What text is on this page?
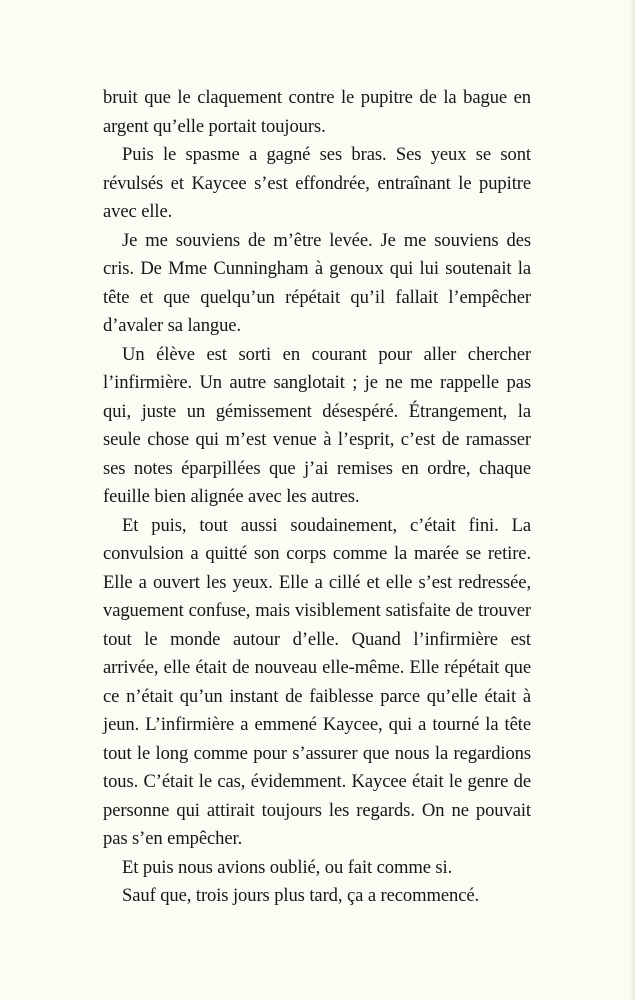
bruit que le claquement contre le pupitre de la bague en argent qu’elle portait toujours.

Puis le spasme a gagné ses bras. Ses yeux se sont révulsés et Kaycee s’est effondrée, entraînant le pupitre avec elle.

Je me souviens de m’être levée. Je me souviens des cris. De Mme Cunningham à genoux qui lui soutenait la tête et que quelqu’un répétait qu’il fallait l’empêcher d’avaler sa langue.

Un élève est sorti en courant pour aller chercher l’infirmière. Un autre sanglotait ; je ne me rappelle pas qui, juste un gémissement désespéré. Étrangement, la seule chose qui m’est venue à l’esprit, c’est de ramasser ses notes éparpillées que j’ai remises en ordre, chaque feuille bien alignée avec les autres.

Et puis, tout aussi soudainement, c’était fini. La convulsion a quitté son corps comme la marée se retire. Elle a ouvert les yeux. Elle a cillé et elle s’est redressée, vaguement confuse, mais visiblement satisfaite de trouver tout le monde autour d’elle. Quand l’infirmière est arrivée, elle était de nouveau elle-même. Elle répétait que ce n’était qu’un instant de faiblesse parce qu’elle était à jeun. L’infirmière a emmené Kaycee, qui a tourné la tête tout le long comme pour s’assurer que nous la regardions tous. C’était le cas, évidemment. Kaycee était le genre de personne qui attirait toujours les regards. On ne pouvait pas s’en empêcher.

Et puis nous avions oublié, ou fait comme si.

Sauf que, trois jours plus tard, ça a recommencé.
